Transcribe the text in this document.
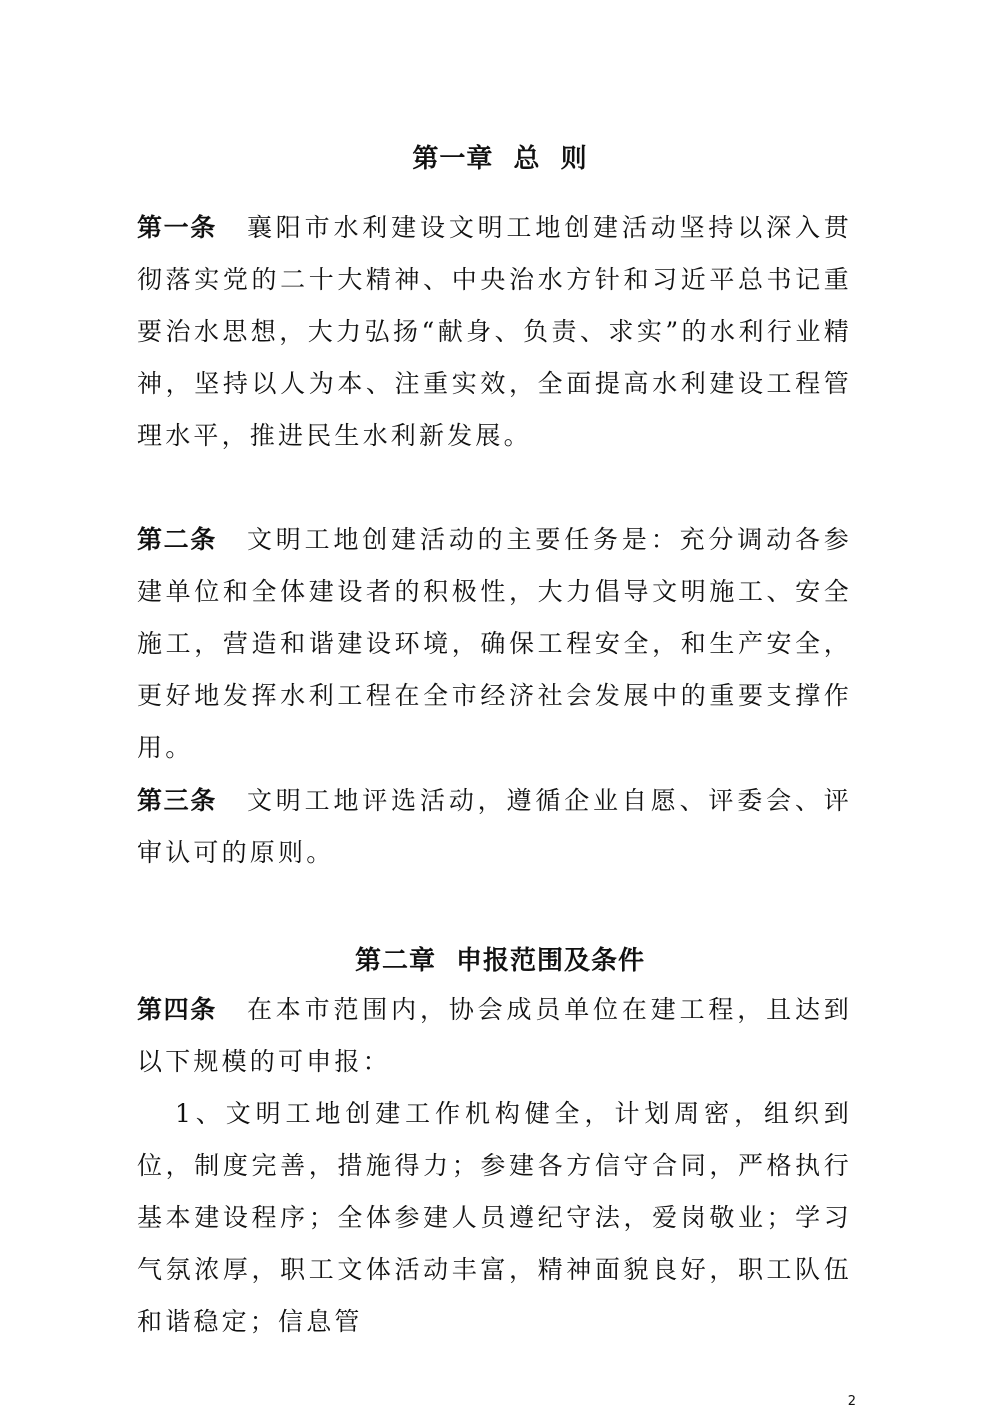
第一章  总  则
第一条 襄阳市水利建设文明工地创建活动坚持以深入贯彻落实党的二十大精神、中央治水方针和习近平总书记重要治水思想，大力弘扬“献身、负责、求实”的水利行业精神，坚持以人为本、注重实效，全面提高水利建设工程管理水平，推进民生水利新发展。
第二条 文明工地创建活动的主要任务是：充分调动各参建单位和全体建设者的积极性，大力倡导文明施工、安全施工，营造和谐建设环境，确保工程安全，和生产安全，更好地发挥水利工程在全市经济社会发展中的重要支撑作用。
第三条 文明工地评选活动，遵循企业自愿、评委会、评审认可的原则。
第二章  申报范围及条件
第四条 在本市范围内，协会成员单位在建工程，且达到以下规模的可申报：
1、文明工地创建工作机构健全，计划周密，组织到位，制度完善，措施得力；参建各方信守合同，严格执行基本建设程序；全体参建人员遵纪守法，爱岗敬业；学习气氛浓厚，职工文体活动丰富，精神面貌良好，职工队伍和谐稳定；信息管
2
